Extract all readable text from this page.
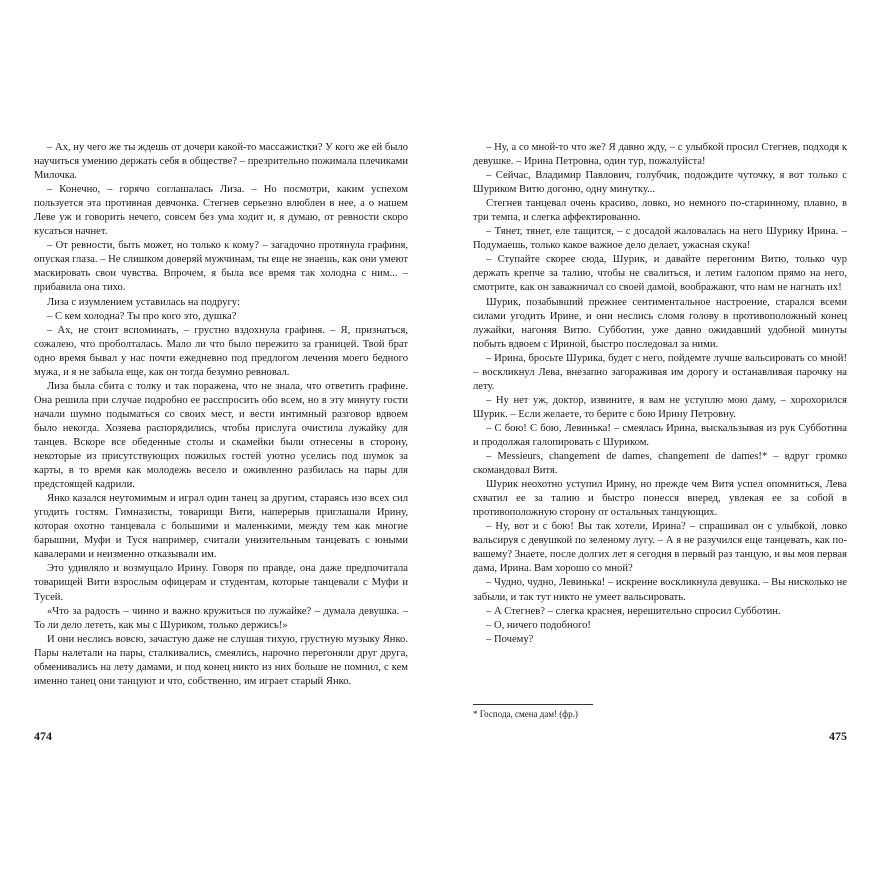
– Ах, ну чего же ты ждешь от дочери какой-то массажистки? У кого же ей было научиться умению держать себя в обществе? – презрительно пожимала плечиками Милочка.

– Конечно, – горячо соглашалась Лиза. – Но посмотри, каким успехом пользуется эта противная девчонка. Стегнев серьезно влюблен в нее, а о нашем Леве уж и говорить нечего, совсем без ума ходит и, я думаю, от ревности скоро кусаться начнет.

– От ревности, быть может, но только к кому? – загадочно протянула графиня, опуская глаза. – Не слишком доверяй мужчинам, ты еще не знаешь, как они умеют маскировать свои чувства. Впрочем, я была все время так холодна с ним... – прибавила она тихо.

Лиза с изумлением уставилась на подругу:

– С кем холодна? Ты про кого это, душка?

– Ах, не стоит вспоминать, – грустно вздохнула графиня. – Я, признаться, сожалею, что проболталась. Мало ли что было пережито за границей. Твой брат одно время бывал у нас почти ежедневно под предлогом лечения моего бедного мужа, и я не забыла еще, как он тогда безумно ревновал.

Лиза была сбита с толку и так поражена, что не знала, что ответить графине. Она решила при случае подробно ее расспросить обо всем, но в эту минуту гости начали шумно подыматься со своих мест, и вести интимный разговор вдвоем было некогда. Хозяева распорядились, чтобы прислуга очистила лужайку для танцев. Вскоре все обеденные столы и скамейки были отнесены в сторону, некоторые из присутствующих пожилых гостей уютно уселись под шумок за карты, в то время как молодежь весело и оживленно разбилась на пары для предстоящей кадрили.

Янко казался неутомимым и играл один танец за другим, стараясь изо всех сил угодить гостям. Гимназисты, товарищи Вити, наперерыв приглашали Ирину, которая охотно танцевала с большими и маленькими, между тем как многие барышни, Муфи и Туся например, считали унизительным танцевать с юными кавалерами и неизменно отказывали им.

Это удивляло и возмущало Ирину. Говоря по правде, она даже предпочитала товарищей Вити взрослым офицерам и студентам, которые танцевали с Муфи и Тусей.

«Что за радость – чинно и важно кружиться по лужайке? – думала девушка. – То ли дело лететь, как мы с Шуриком, только держись!»

И они неслись вовсю, зачастую даже не слушая тихую, грустную музыку Янко. Пары налетали на пары, сталкивались, смеялись, нарочно перегоняли друг друга, обменивались на лету дамами, и под конец никто из них больше не помнил, с кем именно танец они танцуют и что, собственно, им играет старый Янко.

474

– Ну, а со мной-то что же? Я давно жду, – с улыбкой просил Стегнев, подходя к девушке. – Ирина Петровна, один тур, пожалуйста!

– Сейчас, Владимир Павлович, голубчик, подождите чуточку, я вот только с Шуриком Витю догоню, одну минутку...

Стегнев танцевал очень красиво, ловко, но немного по-старинному, плавно, в три темпа, и слегка аффектированно.

– Тянет, тянет, еле тащится, – с досадой жаловалась на него Шурику Ирина. – Подумаешь, только какое важное дело делает, ужасная скука!

– Ступайте скорее сюда, Шурик, и давайте перегоним Витю, только чур держать крепче за талию, чтобы не свалиться, и летим галопом прямо на него, смотрите, как он заважничал со своей дамой, воображают, что нам не нагнать их!

Шурик, позабывший прежнее сентиментальное настроение, старался всеми силами угодить Ирине, и они неслись сломя голову в противоположный конец лужайки, нагоняя Витю. Субботин, уже давно ожидавший удобной минуты побыть вдвоем с Ириной, быстро последовал за ними.

– Ирина, бросьте Шурика, будет с него, пойдемте лучше вальсировать со мной! – воскликнул Лева, внезапно загораживая им дорогу и останавливая парочку на лету.

– Ну нет уж, доктор, извините, я вам не уступлю мою даму, – хорохорился Шурик. – Если желаете, то берите с бою Ирину Петровну.

– С бою! С бою, Левинька! – смеялась Ирина, выскальзывая из рук Субботина и продолжая галопировать с Шуриком.

– Messieurs, changement de dames, changement de dames!* – вдруг громко скомандовал Витя.

Шурик неохотно уступил Ирину, но прежде чем Витя успел опомниться, Лева схватил ее за талию и быстро понесся вперед, увлекая ее за собой в противоположную сторону от остальных танцующих.

– Ну, вот и с бою! Вы так хотели, Ирина? – спрашивал он с улыбкой, ловко вальсируя с девушкой по зеленому лугу. – А я не разучился еще танцевать, как по-вашему? Знаете, после долгих лет я сегодня в первый раз танцую, и вы моя первая дама, Ирина. Вам хорошо со мной?

– Чудно, чудно, Левинька! – искренне воскликнула девушка. – Вы нисколько не забыли, и так тут никто не умеет вальсировать.

– А Стегнев? – слегка краснея, нерешительно спросил Субботин.

– О, ничего подобного!

– Почему?

* Господа, смена дам! (фр.)
475
